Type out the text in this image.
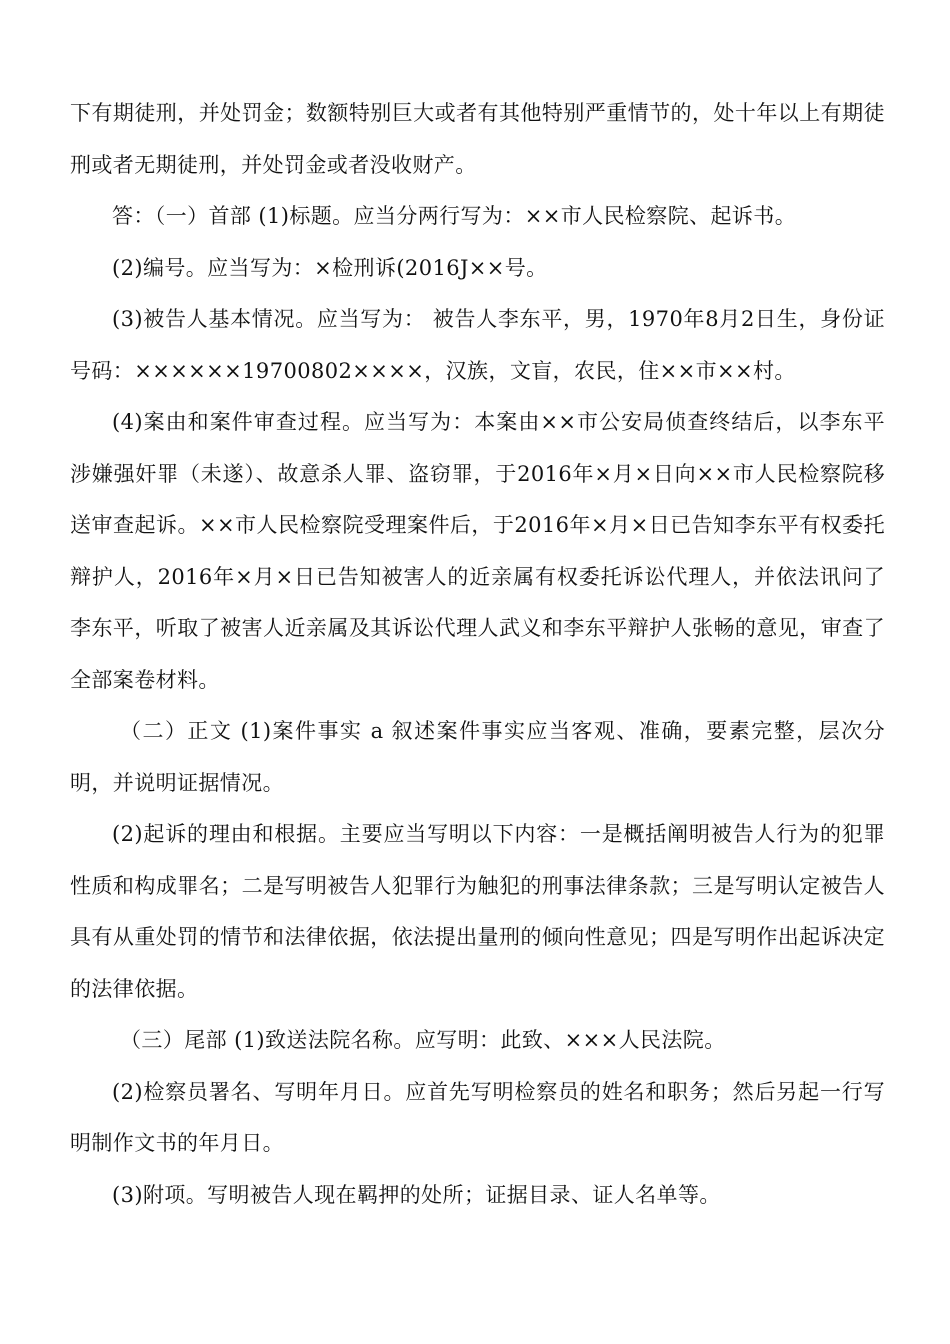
下有期徒刑，并处罚金；数额特别巨大或者有其他特别严重情节的，处十年以上有期徒刑或者无期徒刑，并处罚金或者没收财产。

答：（一）首部 (1)标题。应当分两行写为：××市人民检察院、起诉书。

(2)编号。应当写为：×检刑诉(2016J××号。

(3)被告人基本情况。应当写为： 被告人李东平，男，1970年8月2日生，身份证号码：××××××19700802××××，汉族，文盲，农民，住××市××村。

(4)案由和案件审查过程。应当写为：本案由××市公安局侦查终结后，以李东平涉嫌强奸罪（未遂）、故意杀人罪、盗窃罪，于2016年×月×日向××市人民检察院移送审查起诉。××市人民检察院受理案件后，于2016年×月×日已告知李东平有权委托辩护人，2016年×月×日已告知被害人的近亲属有权委托诉讼代理人，并依法讯问了李东平，听取了被害人近亲属及其诉讼代理人武义和李东平辩护人张畅的意见，审查了全部案卷材料。

（二）正文 (1)案件事实 a 叙述案件事实应当客观、准确，要素完整，层次分明，并说明证据情况。

(2)起诉的理由和根据。主要应当写明以下内容：一是概括阐明被告人行为的犯罪性质和构成罪名；二是写明被告人犯罪行为触犯的刑事法律条款；三是写明认定被告人具有从重处罚的情节和法律依据，依法提出量刑的倾向性意见；四是写明作出起诉决定的法律依据。

（三）尾部 (1)致送法院名称。应写明：此致、×××人民法院。

(2)检察员署名、写明年月日。应首先写明检察员的姓名和职务；然后另起一行写明制作文书的年月日。

(3)附项。写明被告人现在羁押的处所；证据目录、证人名单等。
